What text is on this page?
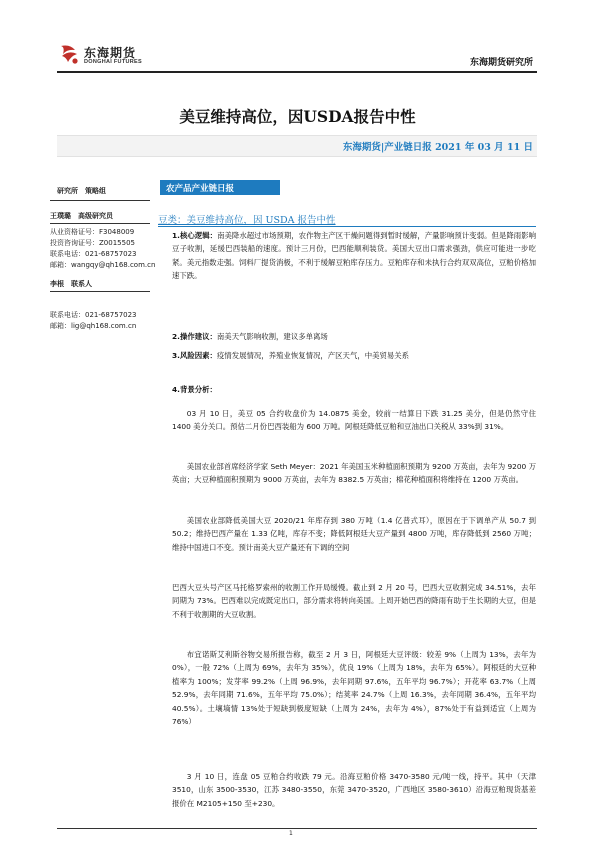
东海期货
DONGHAI FUTURES	东海期货研究所
美豆维持高位，因USDA报告中性
东海期货|产业链日报 2021 年 03 月 11 日
研究所　策略组
王璞璐　高级研究员
从业资格证号：F3048009
投资咨询证号：Z0015505
联系电话：021-68757023
邮箱：wangqy@qh168.com.cn
李根　联系人
联系电话：021-68757023
邮箱：lig@qh168.com.cn
农产品产业链日报
豆类：美豆维持高位，因 USDA 报告中性
1.核心逻辑：南美降水超过市场预期，农作物主产区干燥问题得到暂时缓解，产量影响预计变弱。但是降雨影响豆子收割，延缓巴西装船的速度。预计三月份，巴西能顺利装货。美国大豆出口需求强劲，供应可能进一步吃紧。美元指数走强。饲料厂提货消极，不利于缓解豆粕库存压力。豆粕库存和未执行合约双双高位，豆粕价格加速下跌。
2.操作建议：南美天气影响收割，建议多单离场
3.风险因素：疫情发展情况，养殖业恢复情况，产区天气，中美贸易关系
4.背景分析：
03 月 10 日，美豆 05 合约收盘价为 14.0875 美金，较前一结算日下跌 31.25 美分，但是仍然守住 1400 美分关口。预估二月份巴西装船为 600 万吨。阿根廷降低豆粕和豆油出口关税从 33%到 31%。
美国农业部首席经济学家 Seth Meyer：2021 年美国玉米种植面积预期为 9200 万英亩，去年为 9200 万英亩；大豆种植面积预期为 9000 万英亩，去年为 8382.5 万英亩；棉花种植面积将维持在 1200 万英亩。
美国农业部降低美国大豆 2020/21 年库存到 380 万吨（1.4 亿普式耳），原因在于下调单产从 50.7 到 50.2；维持巴西产量在 1.33 亿吨，库存不变；降低阿根廷大豆产量到 4800 万吨，库存降低到 2560 万吨；维持中国进口不变。预计南美大豆产量还有下调的空间
巴西大豆头号产区马托格罗索州的收割工作开局缓慢。截止到 2 月 20 号，巴西大豆收割完成 34.51%，去年同期为 73%。巴西难以完成既定出口，部分需求将转向美国。上周开始巴西的降雨有助于生长期的大豆，但是不利于收割期的大豆收割。
布宜诺斯艾利斯谷物交易所报告称，截至 2 月 3 日，阿根廷大豆评级：较差 9%（上周为 13%，去年为 0%），一般 72%（上周为 69%，去年为 35%），优良 19%（上周为 18%，去年为 65%）。阿根廷的大豆种植率为 100%；发芽率 99.2%（上周 96.9%，去年同期 97.6%，五年平均 96.7%）；开花率 63.7%（上周 52.9%，去年同期 71.6%，五年平均 75.0%）；结荚率 24.7%（上周 16.3%，去年同期 36.4%，五年平均 40.5%）。土壤墒情 13%处于短缺到极度短缺（上周为 24%，去年为 4%），87%处于有益到适宜（上周为 76%）
3 月 10 日，连盘 05 豆粕合约收跌 79 元。沿海豆粕价格 3470-3580 元/吨一线，持平。其中（天津 3510，山东 3500-3530，江苏 3480-3550，东莞 3470-3520，广西地区 3580-3610）沿海豆粕现货基差报价在 M2105+150 至+230。
1
